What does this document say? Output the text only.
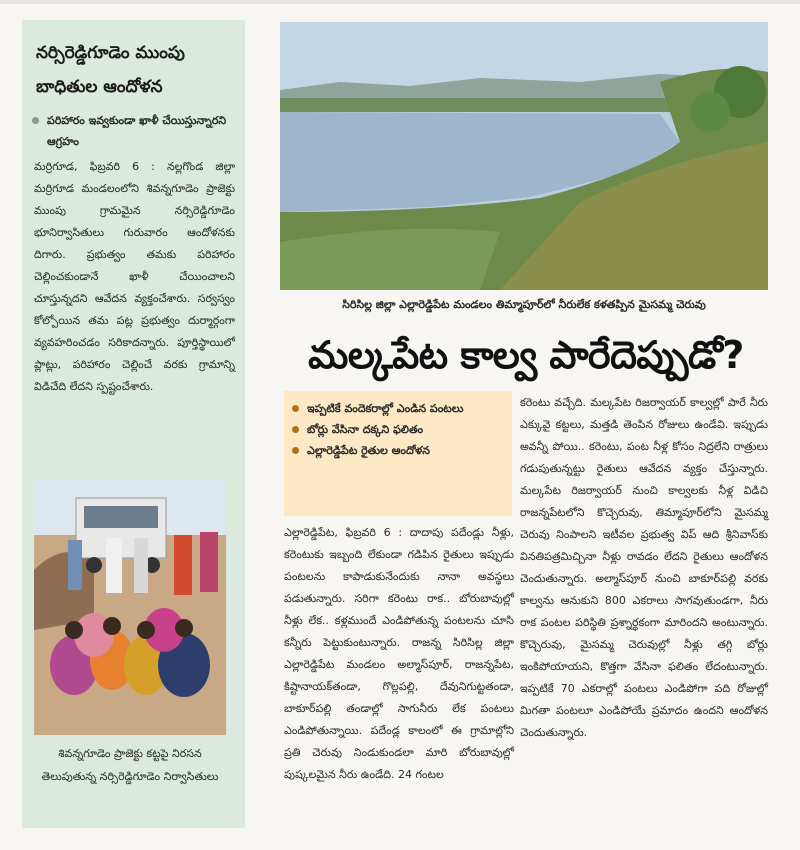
నర్సిరెడ్డిగూడెం ముంపు బాధితుల ఆందోళన
పరిహారం ఇవ్వకుండా ఖాళీ చేయిస్తున్నారని ఆగ్రహం
మర్రిగూడ, ఫిబ్రవరి 6 : నల్లగొండ జిల్లా మర్రిగూడ మండలంలోని శివన్నగూడెం ప్రాజెక్టు ముంపు గ్రామమైన నర్సిరెడ్డిగూడెం భూనిర్వాసితులు గురువారం ఆందోళనకు దిగారు. ప్రభుత్వం తమకు పరిహారం చెల్లించకుండానే ఖాళీ చేయించాలని చూస్తున్నదని ఆవేదన వ్యక్తంచేశారు. సర్వస్వం కోల్పోయిన తమ పట్ల ప్రభుత్వం దుర్మార్గంగా వ్యవహరించడం సరికాదన్నారు. పూర్తిస్థాయిలో ప్లాట్లు, పరిహారం చెల్లించే వరకు గ్రామాన్ని విడిచేది లేదని స్పష్టంచేశారు.
శివన్నగూడెం ప్రాజెక్టు కట్టపై నిరసన తెలుపుతున్న నర్సిరెడ్డిగూడెం నిర్వాసితులు
సిరిసిల్ల జిల్లా ఎల్లారెడ్డిపేట మండలం తిమ్మాపూర్‌లో నీరులేక కళతప్పిన మైసమ్మ చెరువు
మల్కపేట కాల్వ పారేదెప్పుడో?
ఇప్పటికే వందెకరాల్లో ఎండిన పంటలు
బోర్లు వేసినా దక్కని ఫలితం
ఎల్లారెడ్డిపేట రైతుల ఆందోళన
ఎల్లారెడ్డిపేట, ఫిబ్రవరి 6 : దాదాపు పదేండ్లు నీళ్లు, కరెంటుకు ఇబ్బంది లేకుండా గడిపిన రైతులు ఇప్పుడు పంటలను కాపాడుకునేందుకు నానా అవస్థలు పడుతున్నారు. సరిగా కరెంటు రాక.. బోరుబావుల్లో నీళ్లు లేక.. కళ్లముందే ఎండిపోతున్న పంటలను చూసి కన్నీరు పెట్టుకుంటున్నారు. రాజన్న సిరిసిల్ల జిల్లా ఎల్లారెడ్డిపేట మండలం అల్మాస్‌పూర్, రాజన్నపేట, కిష్టానాయక్‌తండా, గొల్లపల్లి, దేవునిగుట్టతండా, బాకూర్‌పల్లి తండాల్లో సాగునీరు లేక పంటలు ఎండిపోతున్నాయి. పదేండ్ల కాలంలో ఈ గ్రామాల్లోని ప్రతి చెరువు నిండుకుండలా మారి బోరుబావుల్లో పుష్కలమైన నీరు ఉండేది. 24 గంటల
కరెంటు వచ్చేది. మల్కపేట రిజర్వాయర్ కాల్వల్లో పారే నీరు ఎక్కువై కట్టలు, మత్తడి తెంపిన రోజులు ఉండేవి. ఇప్పుడు అవన్నీ పోయి.. కరెంటు, పంట నీళ్ల కోసం నిద్రలేని రాత్రులు గడుపుతున్నట్టు రైతులు ఆవేదన వ్యక్తం చేస్తున్నారు. మల్కపేట రిజర్వాయర్ నుంచి కాల్వలకు నీళ్ల విడిచి రాజన్నపేటలోని కొచ్చెరువు, తిమ్మాపూర్‌లోని మైసమ్మ చెరువు నింపాలని ఇటీవల ప్రభుత్వ విప్ ఆది శ్రీనివాస్‌కు వినతిపత్రమిచ్చినా నీళ్లు రావడం లేదని రైతులు ఆందోళన చెందుతున్నారు. అల్మాస్‌పూర్ నుంచి బాకూర్‌పల్లి వరకు కాల్వను ఆనుకుని 800 ఎకరాలు సాగవుతుండగా, నీరు రాక పంటల పరిస్థితి ప్రశ్నార్థకంగా మారిందని అంటున్నారు. కొచ్చెరువు, మైసమ్మ చెరువుల్లో నీళ్లు తగ్గి బోర్లు ఇంకిపోయాయని, కొత్తగా వేసినా ఫలితం లేదంటున్నారు. ఇప్పటికే 70 ఎకరాల్లో పంటలు ఎండిపోగా పది రోజుల్లో మిగతా పంటలూ ఎండిపోయే ప్రమాదం ఉందని ఆందోళన చెందుతున్నారు.
